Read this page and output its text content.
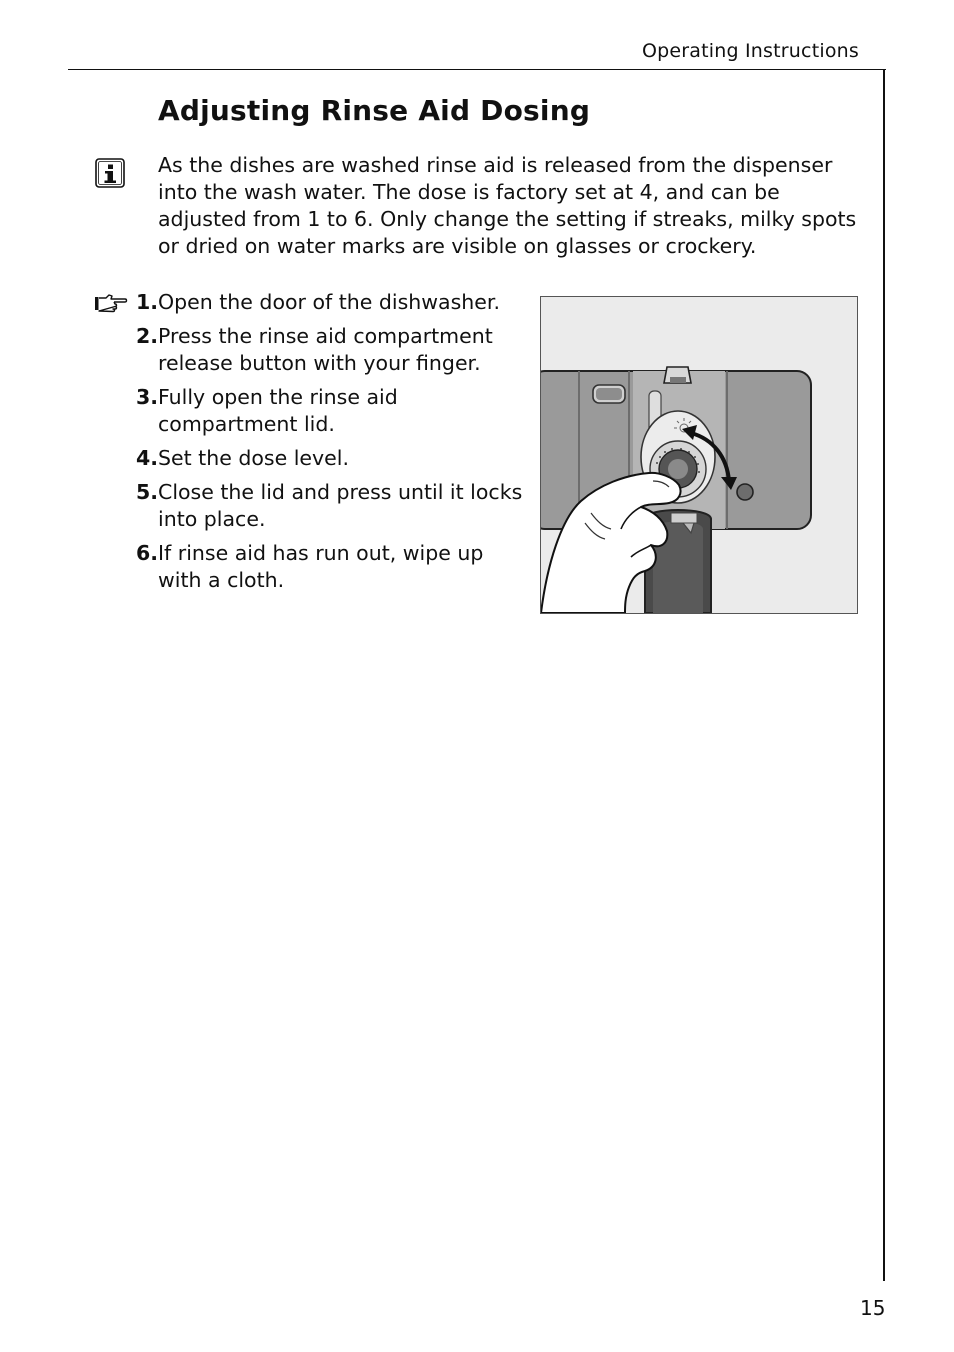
Operating Instructions
Adjusting Rinse Aid Dosing

As the dishes are washed rinse aid is released from the dispenser into the wash water. The dose is factory set at 4, and can be adjusted from 1 to 6. Only change the setting if streaks, milky spots or dried on water marks are visible on glasses or crockery.

1. Open the door of the dishwasher.
2. Press the rinse aid compartment release button with your finger.
3. Fully open the rinse aid compartment lid.
4. Set the dose level.
5. Close the lid and press until it locks into place.
6. If rinse aid has run out, wipe up with a cloth.
15
